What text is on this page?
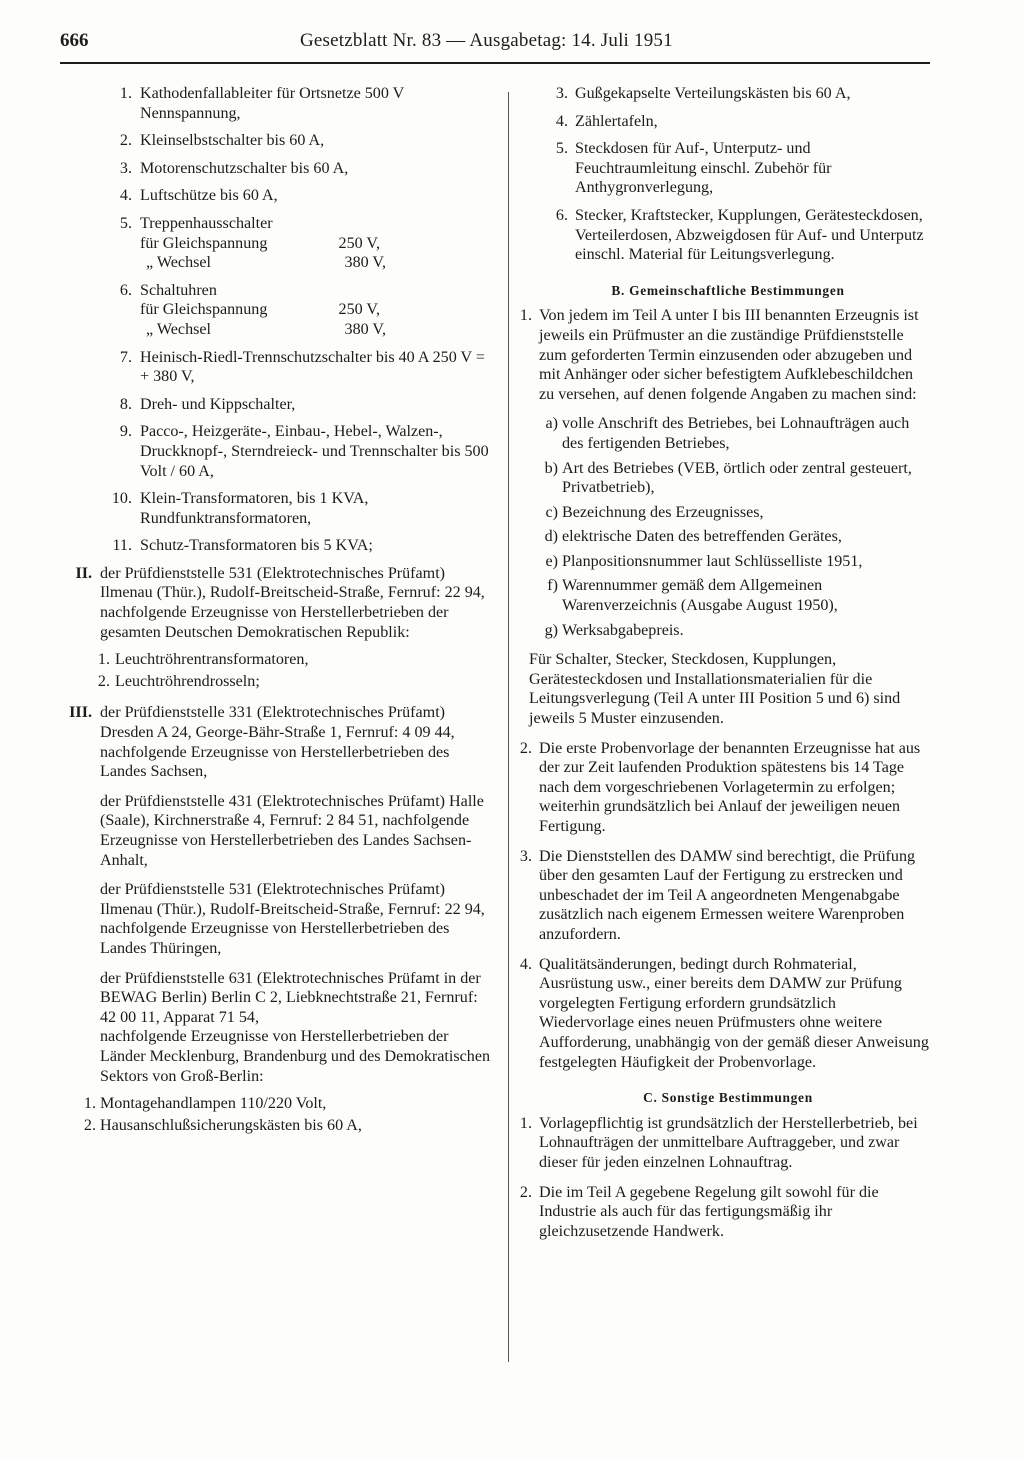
666	Gesetzblatt Nr. 83 — Ausgabetag: 14. Juli 1951
1. Kathodenfallableiter für Ortsnetze 500 V Nennspannung,
2. Kleinselbstschalter bis 60 A,
3. Motorenschutzschalter bis 60 A,
4. Luftschütze bis 60 A,
5. Treppenhausschalter
für Gleichspannung	250 V,
„ Wechsel	380 V,
6. Schaltuhren
für Gleichspannung	250 V,
„ Wechsel	380 V,
7. Heinisch-Riedl-Trennschutzschalter bis 40 A 250 V = + 380 V,
8. Dreh- und Kippschalter,
9. Pacco-, Heizgeräte-, Einbau-, Hebel-, Walzen-, Druckknopf-, Sterndreieck- und Trennschalter bis 500 Volt / 60 A,
10. Klein-Transformatoren, bis 1 KVA, Rundfunktransformatoren,
11. Schutz-Transformatoren bis 5 KVA;
II. der Prüfdienststelle 531 (Elektrotechnisches Prüfamt) Ilmenau (Thür.), Rudolf-Breitscheid-Straße, Fernruf: 22 94,
nachfolgende Erzeugnisse von Herstellerbetrieben der gesamten Deutschen Demokratischen Republik:
1. Leuchtröhrentransformatoren,
2. Leuchtröhrendrosseln;
III. der Prüfdienststelle 331 (Elektrotechnisches Prüfamt) Dresden A 24, George-Bähr-Straße 1, Fernruf: 4 09 44,
nachfolgende Erzeugnisse von Herstellerbetrieben des Landes Sachsen,
der Prüfdienststelle 431 (Elektrotechnisches Prüfamt) Halle (Saale), Kirchnerstraße 4, Fernruf: 2 84 51, nachfolgende Erzeugnisse von Herstellerbetrieben des Landes Sachsen-Anhalt,
der Prüfdienststelle 531 (Elektrotechnisches Prüfamt) Ilmenau (Thür.), Rudolf-Breitscheid-Straße, Fernruf: 22 94,
nachfolgende Erzeugnisse von Herstellerbetrieben des Landes Thüringen,
der Prüfdienststelle 631 (Elektrotechnisches Prüfamt in der BEWAG Berlin) Berlin C 2, Liebknechtstraße 21, Fernruf: 42 00 11, Apparat 71 54,
nachfolgende Erzeugnisse von Herstellerbetrieben der Länder Mecklenburg, Brandenburg und des Demokratischen Sektors von Groß-Berlin:
1. Montagehandlampen 110/220 Volt,
2. Hausanschlußsicherungskästen bis 60 A,
3. Gußgekapselte Verteilungskästen bis 60 A,
4. Zählertafeln,
5. Steckdosen für Auf-, Unterputz- und Feuchtraumleitung einschl. Zubehör für Anthygronverlegung,
6. Stecker, Kraftstecker, Kupplungen, Gerätesteckdosen, Verteilerdosen, Abzweigdosen für Auf- und Unterputz einschl. Material für Leitungsverlegung.
B. Gemeinschaftliche Bestimmungen
1. Von jedem im Teil A unter I bis III benannten Erzeugnis ist jeweils ein Prüfmuster an die zuständige Prüfdienststelle zum geforderten Termin einzusenden oder abzugeben und mit Anhänger oder sicher befestigtem Aufklebeschildchen zu versehen, auf denen folgende Angaben zu machen sind:
a) volle Anschrift des Betriebes, bei Lohnaufträgen auch des fertigenden Betriebes,
b) Art des Betriebes (VEB, örtlich oder zentral gesteuert, Privatbetrieb),
c) Bezeichnung des Erzeugnisses,
d) elektrische Daten des betreffenden Gerätes,
e) Planpositionsnummer laut Schlüsselliste 1951,
f) Warennummer gemäß dem Allgemeinen Warenverzeichnis (Ausgabe August 1950),
g) Werksabgabepreis.
Für Schalter, Stecker, Steckdosen, Kupplungen, Gerätesteckdosen und Installationsmaterialien für die Leitungsverlegung (Teil A unter III Position 5 und 6) sind jeweils 5 Muster einzusenden.
2. Die erste Probenvorlage der benannten Erzeugnisse hat aus der zur Zeit laufenden Produktion spätestens bis 14 Tage nach dem vorgeschriebenen Vorlagetermin zu erfolgen; weiterhin grundsätzlich bei Anlauf der jeweiligen neuen Fertigung.
3. Die Dienststellen des DAMW sind berechtigt, die Prüfung über den gesamten Lauf der Fertigung zu erstrecken und unbeschadet der im Teil A angeordneten Mengenabgabe zusätzlich nach eigenem Ermessen weitere Warenproben anzufordern.
4. Qualitätsänderungen, bedingt durch Rohmaterial, Ausrüstung usw., einer bereits dem DAMW zur Prüfung vorgelegten Fertigung erfordern grundsätzlich Wiedervorlage eines neuen Prüfmusters ohne weitere Aufforderung, unabhängig von der gemäß dieser Anweisung festgelegten Häufigkeit der Probenvorlage.
C. Sonstige Bestimmungen
1. Vorlagepflichtig ist grundsätzlich der Herstellerbetrieb, bei Lohnaufträgen der unmittelbare Auftraggeber, und zwar dieser für jeden einzelnen Lohnauftrag.
2. Die im Teil A gegebene Regelung gilt sowohl für die Industrie als auch für das fertigungsmäßig ihr gleichzusetzende Handwerk.
